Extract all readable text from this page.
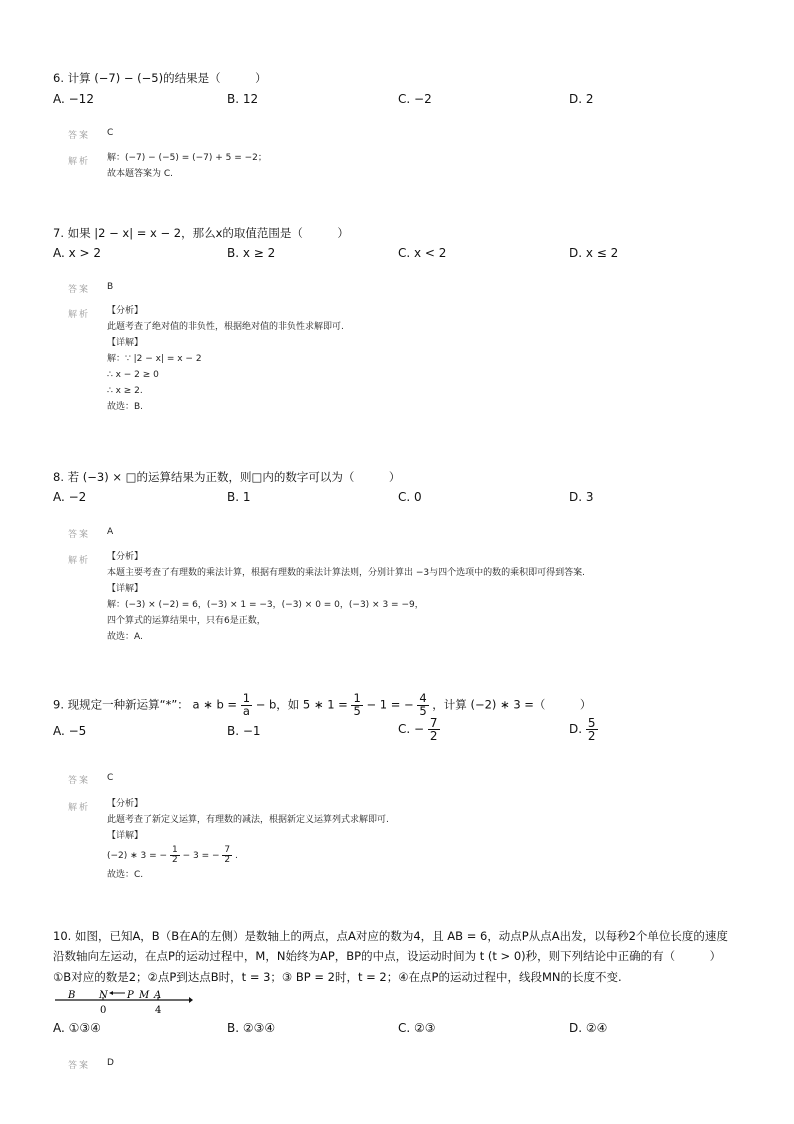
6. 计算 (−7) − (−5)的结果是（　　　）
A. −12	B. 12	C. −2	D. 2
答案 C
解析 解：(−7) − (−5) = (−7) + 5 = −2；
故本题答案为 C.
7. 如果 |2 − x| = x − 2，那么x的取值范围是（　　　）
A. x > 2	B. x ≥ 2	C. x < 2	D. x ≤ 2
答案 B
解析 【分析】
此题考查了绝对值的非负性，根据绝对值的非负性求解即可.
【详解】
解：∵ |2 − x| = x − 2
∴ x − 2 ≥ 0
∴ x ≥ 2.
故选：B.
8. 若 (−3) × □的运算结果为正数，则□内的数字可以为（　　　）
A. −2	B. 1	C. 0	D. 3
答案 A
解析 【分析】
本题主要考查了有理数的乘法计算，根据有理数的乘法计算法则，分别计算出 −3与四个选项中的数的乘积即可得到答案.
【详解】
解：(−3) × (−2) = 6，(−3) × 1 = −3，(−3) × 0 = 0，(−3) × 3 = −9，
四个算式的运算结果中，只有6是正数，
故选：A.
9. 现规定一种新运算“*”： a ∗ $b = \frac{1}{a} - b$，如 5 ∗ $1 = \frac{1}{5} - 1$ = − $\frac{4}{5}$ ，计算 (−2) ∗ 3 =（　　　）
A. −5	B. −1	C. − $\frac{7}{2}$	D. $\frac{5}{2}$
答案 C
解析 【分析】
此题考查了新定义运算，有理数的减法，根据新定义运算列式求解即可.
【详解】
(−2) ∗ 3 = − $\frac{1}{2} - 3$ = − $\frac{7}{2}$ .
故选：C.
10. 如图，已知A，B（B在A的左侧）是数轴上的两点，点A对应的数为4，且 AB = 6，动点P从点A出发，以每秒2个单位长度的速度
沿数轴向左运动，在点P的运动过程中，M，N始终为AP，BP的中点，设运动时间为 t (t > 0)秒，则下列结论中正确的有（　　　）
①B对应的数是2；②点P到达点B时，t = 3；③ BP = 2时，t = 2；④在点P的运动过程中，线段MN的长度不变.
B N P M A
0	4
A. ①③④	B. ②③④	C. ②③	D. ②④
答案 D
